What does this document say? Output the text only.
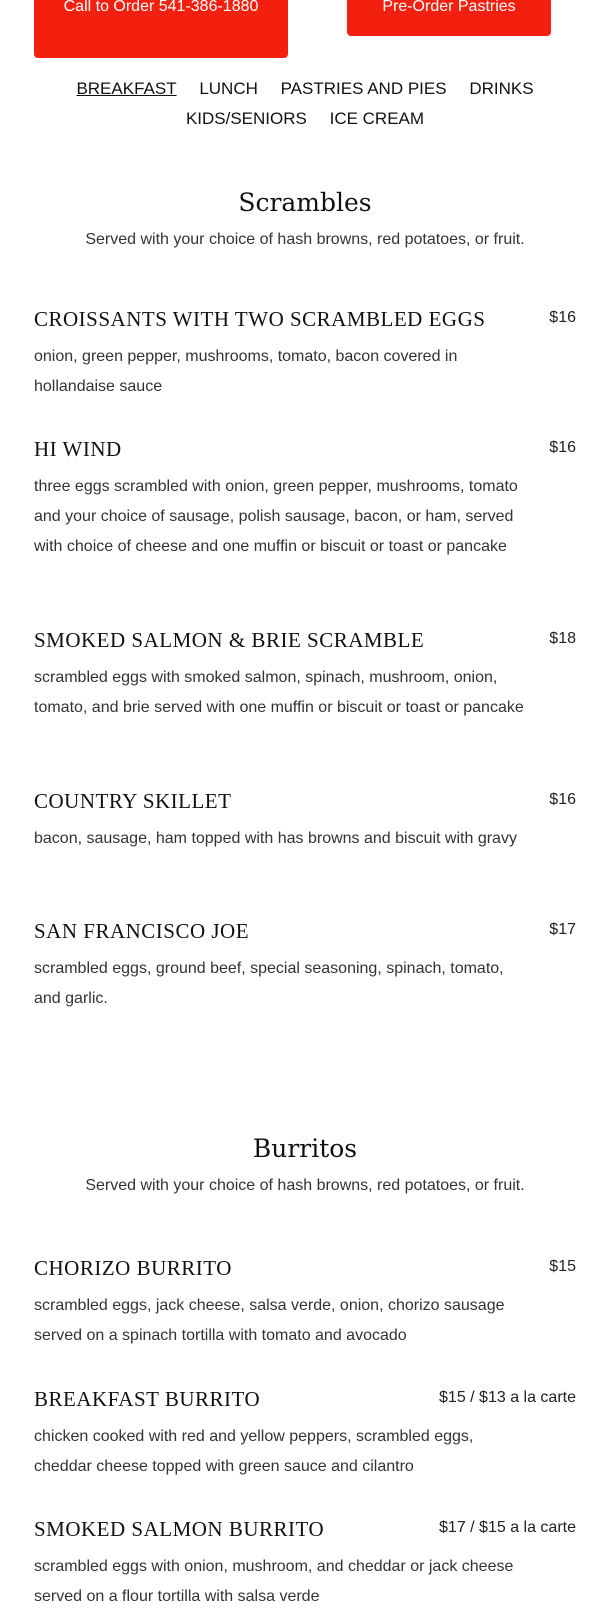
Call to Order 541-386-1880	Pre-Order Pastries
BREAKFAST LUNCH PASTRIES AND PIES DRINKS
KIDS/SENIORS ICE CREAM
Scrambles
Served with your choice of hash browns, red potatoes, or fruit.
CROISSANTS WITH TWO SCRAMBLED EGGS	$16
onion, green pepper, mushrooms, tomato, bacon covered in hollandaise sauce
HI WIND	$16
three eggs scrambled with onion, green pepper, mushrooms, tomato and your choice of sausage, polish sausage, bacon, or ham, served with choice of cheese and one muffin or biscuit or toast or pancake
SMOKED SALMON & BRIE SCRAMBLE	$18
scrambled eggs with smoked salmon, spinach, mushroom, onion, tomato, and brie served with one muffin or biscuit or toast or pancake
COUNTRY SKILLET	$16
bacon, sausage, ham topped with has browns and biscuit with gravy
SAN FRANCISCO JOE	$17
scrambled eggs, ground beef, special seasoning, spinach, tomato, and garlic.
Burritos
Served with your choice of hash browns, red potatoes, or fruit.
CHORIZO BURRITO	$15
scrambled eggs, jack cheese, salsa verde, onion, chorizo sausage served on a spinach tortilla with tomato and avocado
BREAKFAST BURRITO	$15 / $13 a la carte
chicken cooked with red and yellow peppers, scrambled eggs, cheddar cheese topped with green sauce and cilantro
SMOKED SALMON BURRITO	$17 / $15 a la carte
scrambled eggs with onion, mushroom, and cheddar or jack cheese served on a flour tortilla with salsa verde
